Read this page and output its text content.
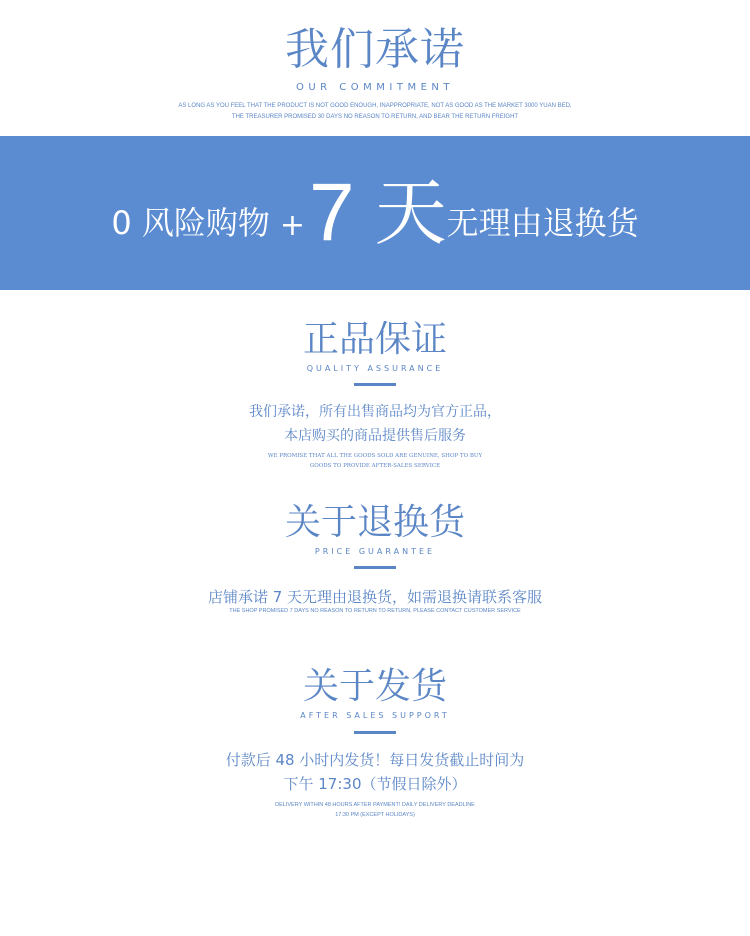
我们承诺
OUR COMMITMENT
AS LONG AS YOU FEEL THAT THE PRODUCT IS NOT GOOD ENOUGH, INAPPROPRIATE, NOT AS GOOD AS THE MARKET 3000 YUAN BED,
THE TREASURER PROMISED 30 DAYS NO REASON TO RETURN, AND BEAR THE RETURN FREIGHT
0 风险购物 + 7 天 无理由退换货
正品保证
QUALITY ASSURANCE
我们承诺，所有出售商品均为官方正品，
本店购买的商品提供售后服务
WE PROMISE THAT ALL THE GOODS SOLD ARE GENUINE, SHOP TO BUY
GOODS TO PROVIDE AFTER-SALES SERVICE
关于退换货
PRICE GUARANTEE
店铺承诺 7 天无理由退换货，如需退换请联系客服
THE SHOP PROMISED 7 DAYS NO REASON TO RETURN TO RETURN, PLEASE CONTACT CUSTOMER SERVICE
关于发货
AFTER SALES SUPPORT
付款后 48 小时内发货！每日发货截止时间为
下午 17:30（节假日除外）
DELIVERY WITHIN 48 HOURS AFTER PAYMENT! DAILY DELIVERY DEADLINE
17:30 PM (EXCEPT HOLIDAYS)
